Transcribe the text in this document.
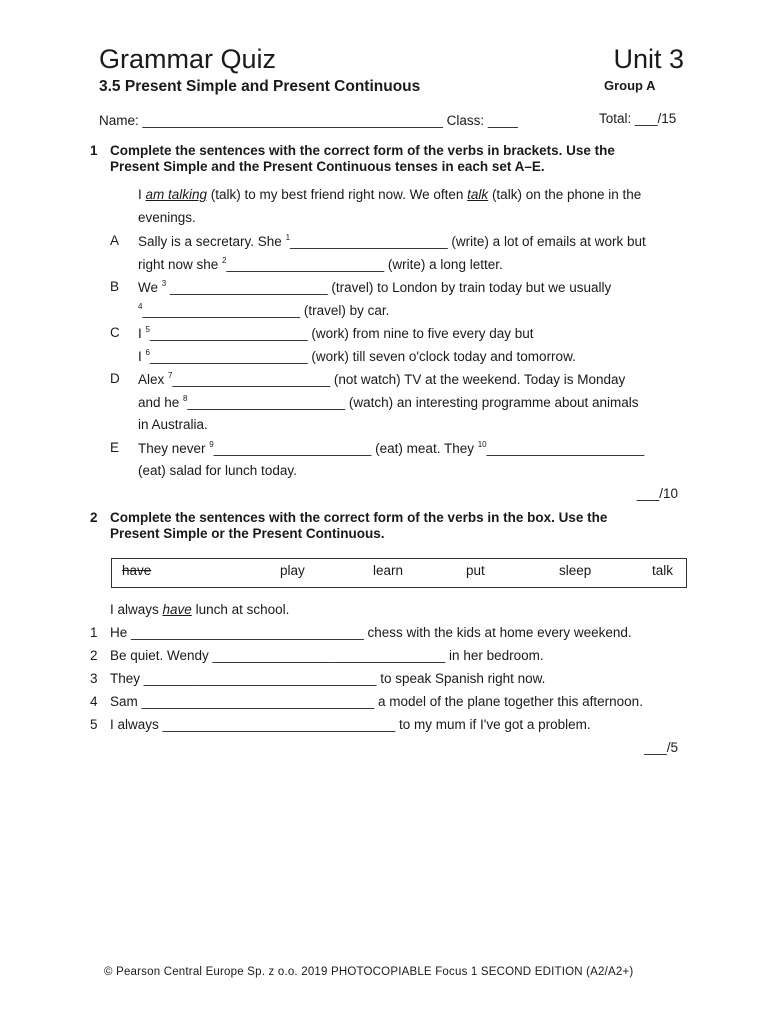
Grammar Quiz	Unit 3
3.5 Present Simple and Present Continuous	Group A
Name: ________________________________________ Class: ____	Total: ___/15
1 Complete the sentences with the correct form of the verbs in brackets. Use the
Present Simple and the Present Continuous tenses in each set A–E.
I am talking (talk) to my best friend right now. We often talk (talk) on the phone in the
evenings.
A Sally is a secretary. She $^1$_____________________ (write) a lot of emails at work but
right now she $^2$_____________________ (write) a long letter.
B We $^3$ _____________________ (travel) to London by train today but we usually
$^4$_____________________ (travel) by car.
C I $^5$_____________________ (work) from nine to five every day but
I $^6$_____________________ (work) till seven o'clock today and tomorrow.
D Alex $^7$_____________________ (not watch) TV at the weekend. Today is Monday
and he $^8$_____________________ (watch) an interesting programme about animals
in Australia.
E They never $^9$_____________________ (eat) meat. They $^{10}$_____________________
(eat) salad for lunch today.
___/10
2 Complete the sentences with the correct form of the verbs in the box. Use the
Present Simple or the Present Continuous.
have	play	learn	put	sleep	talk
I always have lunch at school.
1 He _______________________________ chess with the kids at home every weekend.
2 Be quiet. Wendy _______________________________ in her bedroom.
3 They _______________________________ to speak Spanish right now.
4 Sam _______________________________ a model of the plane together this afternoon.
5 I always _______________________________ to my mum if I've got a problem.
___/5
© Pearson Central Europe Sp. z o.o. 2019 PHOTOCOPIABLE Focus 1 SECOND EDITION (A2/A2+)
